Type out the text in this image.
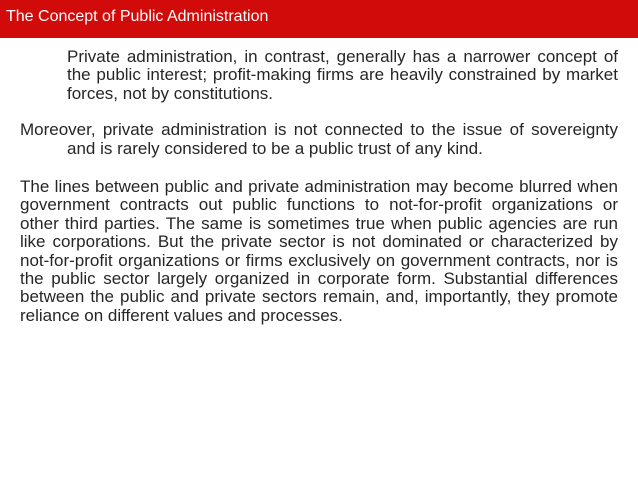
The Concept of Public Administration

Private administration, in contrast, generally has a narrower concept of the public interest; profit-making firms are heavily constrained by market forces, not by constitutions.

Moreover, private administration is not connected to the issue of sovereignty and is rarely considered to be a public trust of any kind.

The lines between public and private administration may become blurred when government contracts out public functions to not-for-profit organizations or other third parties. The same is sometimes true when public agencies are run like corporations. But the private sector is not dominated or characterized by not-for-profit organizations or firms exclusively on government contracts, nor is the public sector largely organized in corporate form. Substantial differences between the public and private sectors remain, and, importantly, they promote reliance on different values and processes.
